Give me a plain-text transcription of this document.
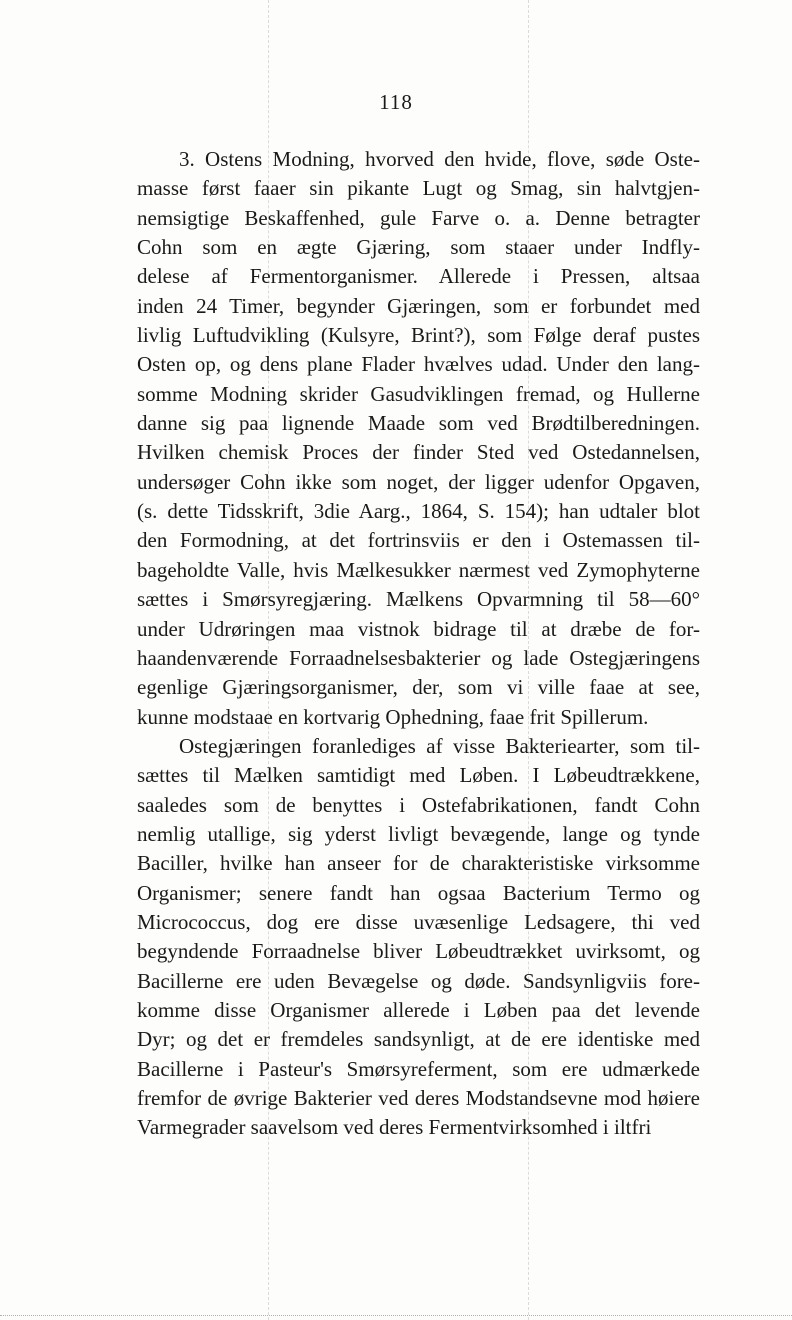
118
3. Ostens Modning, hvorved den hvide, flove, søde Oste-
masse først faaer sin pikante Lugt og Smag, sin halvtgjen-
nemsigtige Beskaffenhed, gule Farve o. a. Denne betragter
Cohn som en ægte Gjæring, som staaer under Indfly-
delese af Fermentorganismer. Allerede i Pressen, altsaa
inden 24 Timer, begynder Gjæringen, som er forbundet med
livlig Luftudvikling (Kulsyre, Brint?), som Følge deraf pustes
Osten op, og dens plane Flader hvælves udad. Under den lang-
somme Modning skrider Gasudviklingen fremad, og Hullerne
danne sig paa lignende Maade som ved Brødtilberedningen.
Hvilken chemisk Proces der finder Sted ved Ostedannelsen,
undersøger Cohn ikke som noget, der ligger udenfor Opgaven,
(s. dette Tidsskrift, 3die Aarg., 1864, S. 154); han udtaler blot
den Formodning, at det fortrinsviis er den i Ostemassen til-
bageholdte Valle, hvis Mælkesukker nærmest ved Zymophyterne
sættes i Smørsyregjæring. Mælkens Opvarmning til 58—60°
under Udrøringen maa vistnok bidrage til at dræbe de for-
haandenværende Forraadnelsesbakterier og lade Ostegjæringens
egenlige Gjæringsorganismer, der, som vi ville faae at see,
kunne modstaae en kortvarig Ophedning, faae frit Spillerum.
Ostegjæringen foranlediges af visse Bakteriearter, som til-
sættes til Mælken samtidigt med Løben. I Løbeudtrækkene,
saaledes som de benyttes i Ostefabrikationen, fandt Cohn
nemlig utallige, sig yderst livligt bevægende, lange og tynde
Baciller, hvilke han anseer for de charakteristiske virksomme
Organismer; senere fandt han ogsaa Bacterium Termo og
Micrococcus, dog ere disse uvæsenlige Ledsagere, thi ved
begyndende Forraadnelse bliver Løbeudtrækket uvirksomt, og
Bacillerne ere uden Bevægelse og døde. Sandsynligviis fore-
komme disse Organismer allerede i Løben paa det levende
Dyr; og det er fremdeles sandsynligt, at de ere identiske med
Bacillerne i Pasteur's Smørsyreferment, som ere udmærkede
fremfor de øvrige Bakterier ved deres Modstandsevne mod høiere
Varmegrader saavelsom ved deres Fermentvirksomhed i iltfri
